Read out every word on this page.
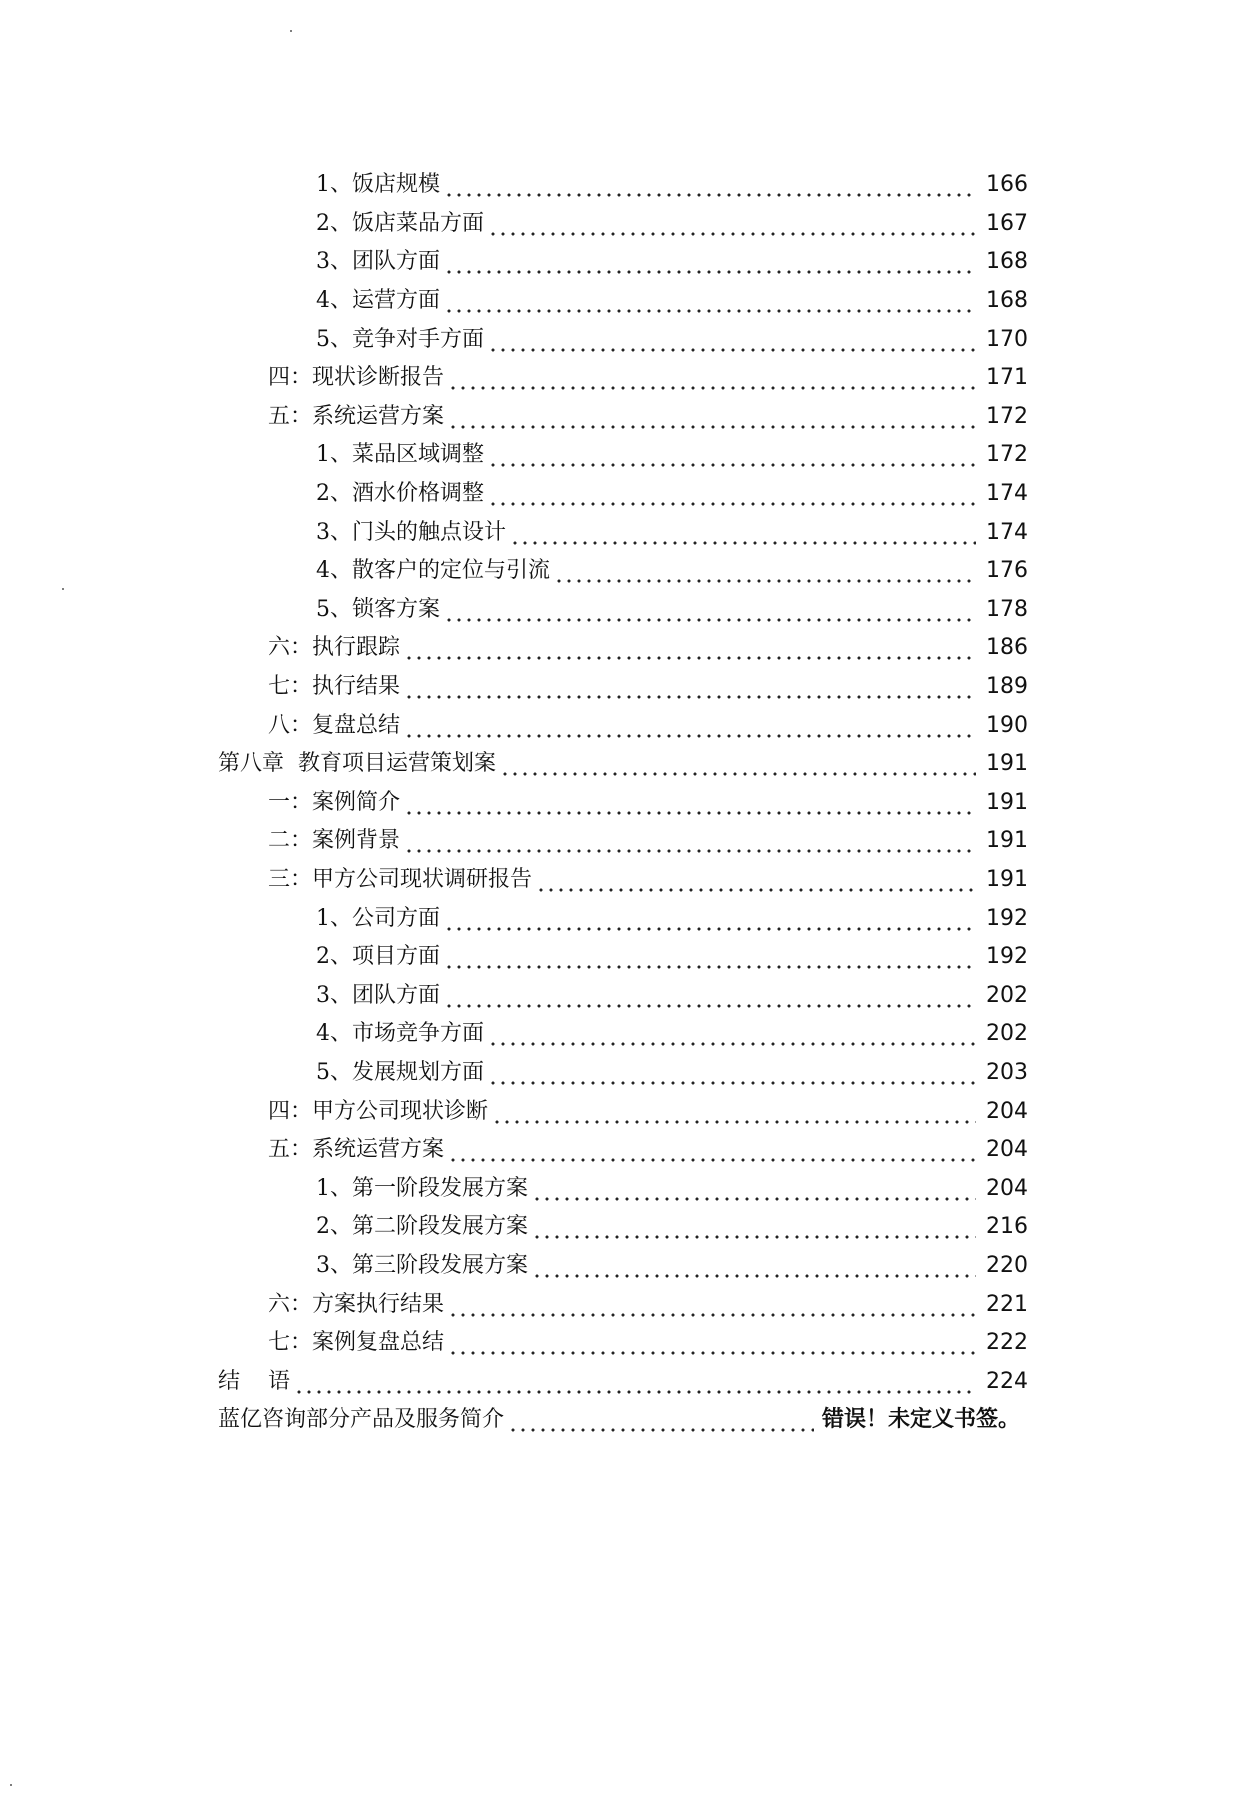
1、饭店规模	166
2、饭店菜品方面	167
3、团队方面	168
4、运营方面	168
5、竞争对手方面	170
四：现状诊断报告	171
五：系统运营方案	172
1、菜品区域调整	172
2、酒水价格调整	174
3、门头的触点设计	174
4、散客户的定位与引流	176
5、锁客方案	178
六：执行跟踪	186
七：执行结果	189
八：复盘总结	190
第八章  教育项目运营策划案	191
一：案例简介	191
二：案例背景	191
三：甲方公司现状调研报告	191
1、公司方面	192
2、项目方面	192
3、团队方面	202
4、市场竞争方面	202
5、发展规划方面	203
四：甲方公司现状诊断	204
五：系统运营方案	204
1、第一阶段发展方案	204
2、第二阶段发展方案	216
3、第三阶段发展方案	220
六：方案执行结果	221
七：案例复盘总结	222
结    语	224
蓝亿咨询部分产品及服务简介	错误！未定义书签。
